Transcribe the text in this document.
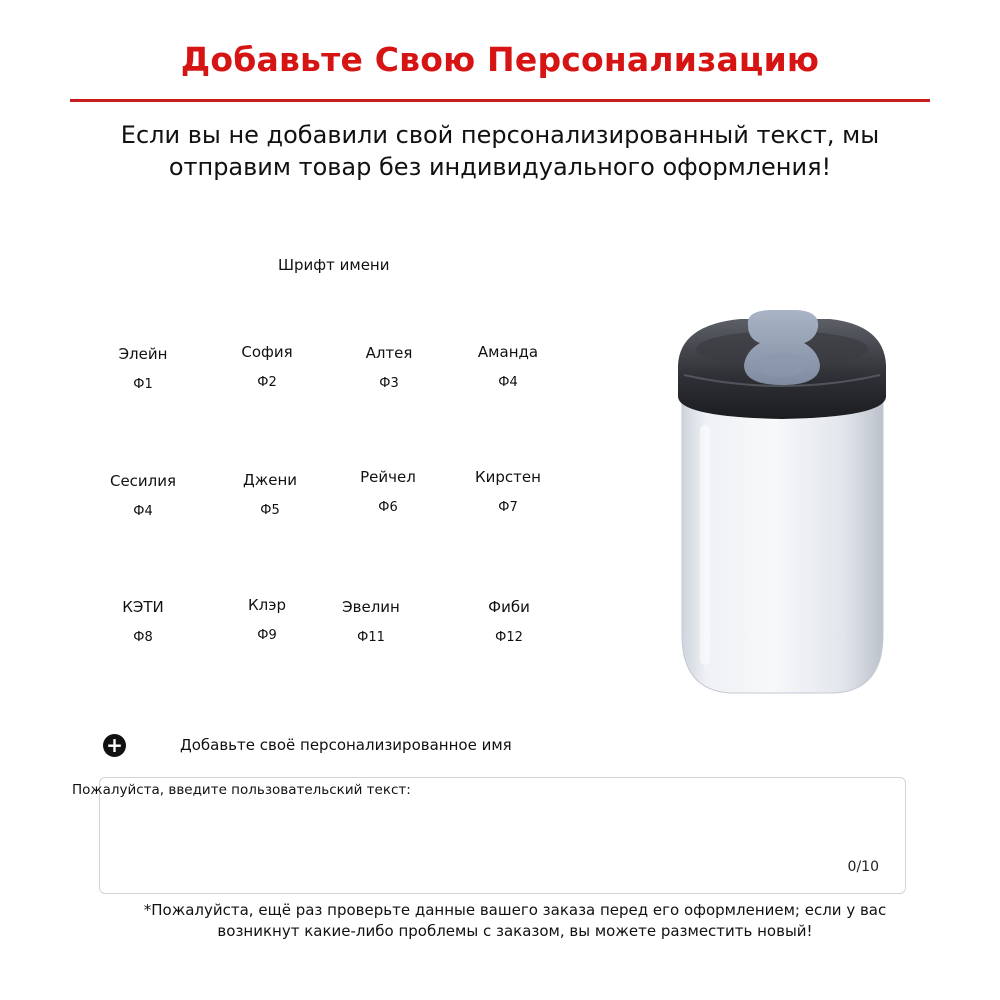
Добавьте Свою Персонализацию
Если вы не добавили свой персонализированный текст, мы
отправим товар без индивидуального оформления!
Шрифт имени
Элейн
Ф1
София
Ф2
Алтея
Ф3
Аманда
Ф4
Сесилия
Ф4
Джени
Ф5
Рейчел
Ф6
Кирстен
Ф7
КЭТИ
Ф8
Клэр
Ф9
Эвелин
Ф11
Фиби
Ф12
+	Добавьте своё персонализированное имя
0/10
Пожалуйста, введите пользовательский текст:
*Пожалуйста, ещё раз проверьте данные вашего заказа перед его оформлением; если у вас
возникнут какие-либо проблемы с заказом, вы можете разместить новый!
